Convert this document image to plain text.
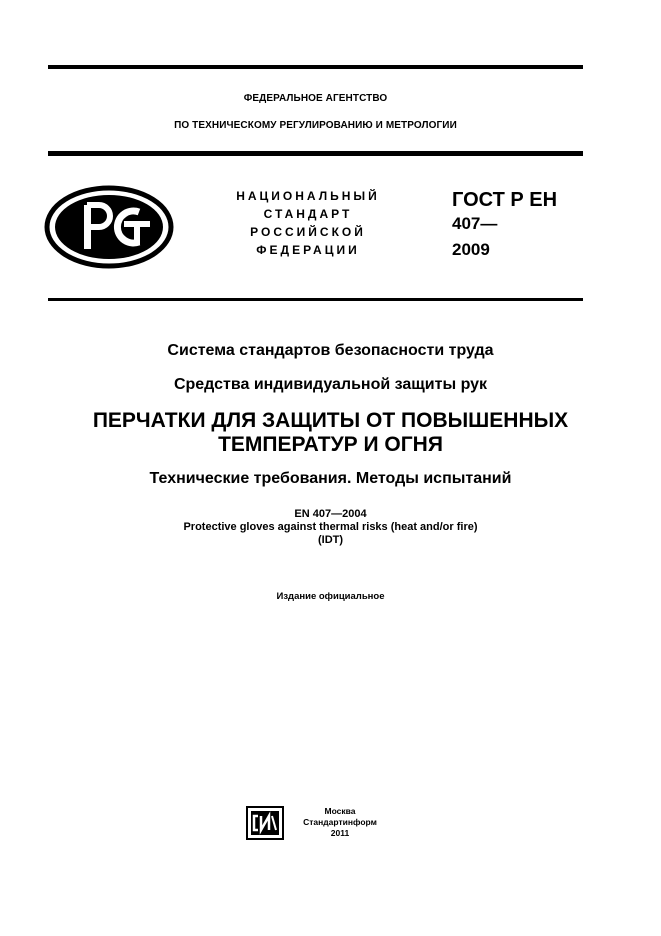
ФЕДЕРАЛЬНОЕ АГЕНТСТВО
ПО ТЕХНИЧЕСКОМУ РЕГУЛИРОВАНИЮ И МЕТРОЛОГИИ
НАЦИОНАЛЬНЫЙ
СТАНДАРТ
РОССИЙСКОЙ
ФЕДЕРАЦИИ
ГОСТ Р ЕН
407—
2009
Система стандартов безопасности труда
Средства индивидуальной защиты рук
ПЕРЧАТКИ ДЛЯ ЗАЩИТЫ ОТ ПОВЫШЕННЫХ
ТЕМПЕРАТУР И ОГНЯ
Технические требования. Методы испытаний
EN 407—2004
Protective gloves against thermal risks (heat and/or fire)
(IDT)
Издание официальное
Москва
Стандартинформ
2011
